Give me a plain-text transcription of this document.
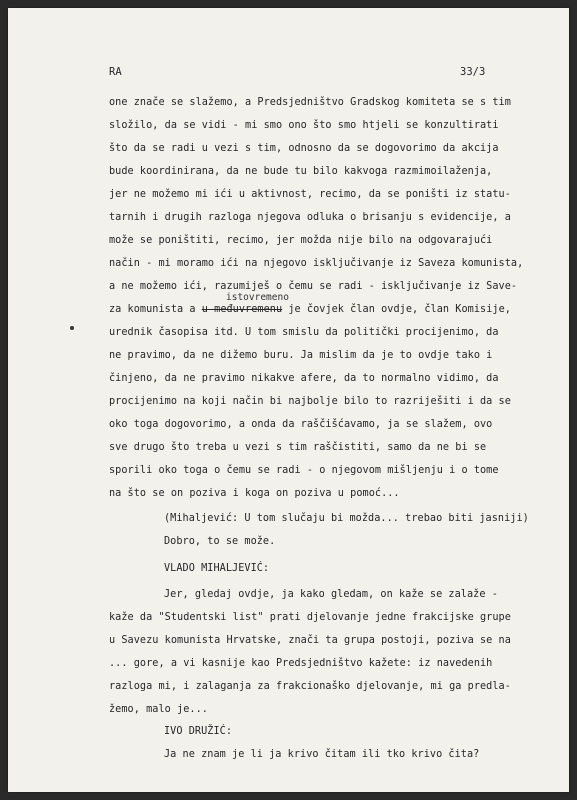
RA	33/3
one znače se slažemo, a Predsjedništvo Gradskog komiteta se s tim
složilo, da se vidi - mi smo ono što smo htjeli se konzultirati
što da se radi u vezi s tim, odnosno da se dogovorimo da akcija
bude koordinirana, da ne bude tu bilo kakvoga razmimoilaženja,
jer ne možemo mi ići u aktivnost, recimo, da se poništi iz statu-
tarnih i drugih razloga njegova odluka o brisanju s evidencije, a
može se poništiti, recimo, jer možda nije bilo na odgovarajući
način - mi moramo ići na njegovo isključivanje iz Saveza komunista,
a ne možemo ići, razumiješ o čemu se radi - isključivanje iz Save-
istovremeno
za komunista a u međuvremenu je čovjek član ovdje, član Komisije,
urednik časopisa itd. U tom smislu da politički procijenimo, da
ne pravimo, da ne dižemo buru. Ja mislim da je to ovdje tako i
činjeno, da ne pravimo nikakve afere, da to normalno vidimo, da
procijenimo na koji način bi najbolje bilo to razriješiti i da se
oko toga dogovorimo, a onda da raščišćavamo, ja se slažem, ovo
sve drugo što treba u vezi s tim raščistiti, samo da ne bi se
sporili oko toga o čemu se radi - o njegovom mišljenju i o tome
na što se on poziva i koga on poziva u pomoć...
(Mihaljević: U tom slučaju bi možda... trebao biti jasniji)
Dobro, to se može.
VLADO MIHALJEVIĆ:
Jer, gledaj ovdje, ja kako gledam, on kaže se zalaže -
kaže da "Studentski list" prati djelovanje jedne frakcijske grupe
u Savezu komunista Hrvatske, znači ta grupa postoji, poziva se na
... gore, a vi kasnije kao Predsjedništvo kažete: iz navedenih
razloga mi, i zalaganja za frakcionaško djelovanje, mi ga predla-
žemo, malo je...
IVO DRUŽIĆ:
Ja ne znam je li ja krivo čitam ili tko krivo čita?
